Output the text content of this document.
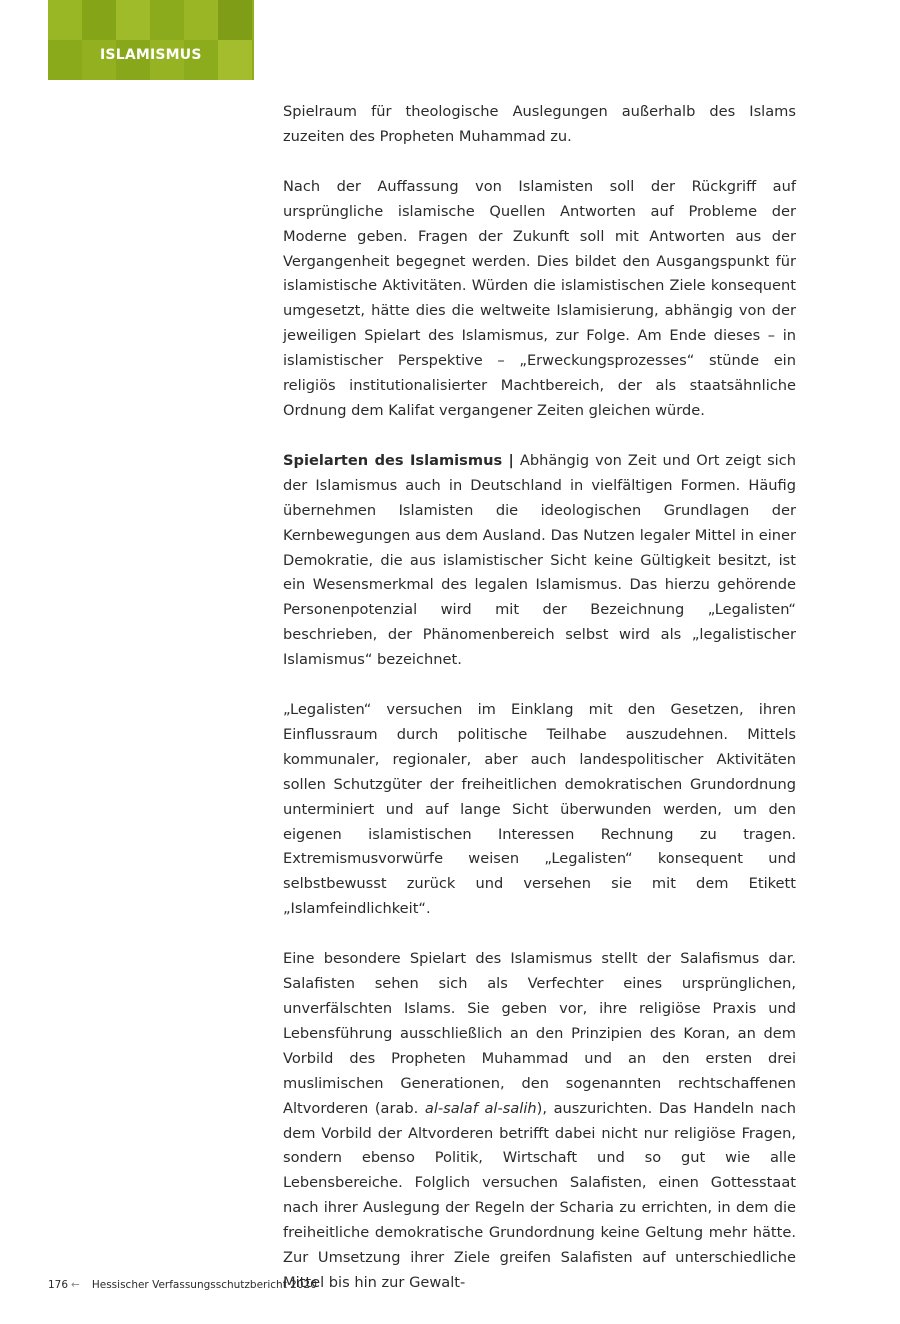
ISLAMISMUS

Spielraum für theologische Auslegungen außerhalb des Islams zuzeiten des Propheten Muhammad zu.

Nach der Auffassung von Islamisten soll der Rückgriff auf ursprüngliche islamische Quellen Antworten auf Probleme der Moderne geben. Fragen der Zukunft soll mit Antworten aus der Vergangenheit begegnet werden. Dies bildet den Ausgangspunkt für islamistische Aktivitäten. Würden die islamistischen Ziele konsequent umgesetzt, hätte dies die weltweite Islamisierung, abhängig von der jeweiligen Spielart des Islamismus, zur Folge. Am Ende dieses – in islamistischer Perspektive – „Erweckungsprozesses“ stünde ein religiös institutionalisierter Machtbereich, der als staatsähnliche Ordnung dem Kalifat vergangener Zeiten gleichen würde.

Spielarten des Islamismus | Abhängig von Zeit und Ort zeigt sich der Islamismus auch in Deutschland in vielfältigen Formen. Häufig übernehmen Islamisten die ideologischen Grundlagen der Kernbewegungen aus dem Ausland. Das Nutzen legaler Mittel in einer Demokratie, die aus islamistischer Sicht keine Gültigkeit besitzt, ist ein Wesensmerkmal des legalen Islamismus. Das hierzu gehörende Personenpotenzial wird mit der Bezeichnung „Legalisten“ beschrieben, der Phänomenbereich selbst wird als „legalistischer Islamismus“ bezeichnet.

„Legalisten“ versuchen im Einklang mit den Gesetzen, ihren Einflussraum durch politische Teilhabe auszudehnen. Mittels kommunaler, regionaler, aber auch landespolitischer Aktivitäten sollen Schutzgüter der freiheitlichen demokratischen Grundordnung unterminiert und auf lange Sicht überwunden werden, um den eigenen islamistischen Interessen Rechnung zu tragen. Extremismusvorwürfe weisen „Legalisten“ konsequent und selbstbewusst zurück und versehen sie mit dem Etikett „Islamfeindlichkeit“.

Eine besondere Spielart des Islamismus stellt der Salafismus dar. Salafisten sehen sich als Verfechter eines ursprünglichen, unverfälschten Islams. Sie geben vor, ihre religiöse Praxis und Lebensführung ausschließlich an den Prinzipien des Koran, an dem Vorbild des Propheten Muhammad und an den ersten drei muslimischen Generationen, den sogenannten rechtschaffenen Altvorderen (arab. al-salaf al-salih), auszurichten. Das Handeln nach dem Vorbild der Altvorderen betrifft dabei nicht nur religiöse Fragen, sondern ebenso Politik, Wirtschaft und so gut wie alle Lebensbereiche. Folglich versuchen Salafisten, einen Gottesstaat nach ihrer Auslegung der Regeln der Scharia zu errichten, in dem die freiheitliche demokratische Grundordnung keine Geltung mehr hätte. Zur Umsetzung ihrer Ziele greifen Salafisten auf unterschiedliche Mittel bis hin zur Gewalt-

176 ← Hessischer Verfassungsschutzbericht 2020
